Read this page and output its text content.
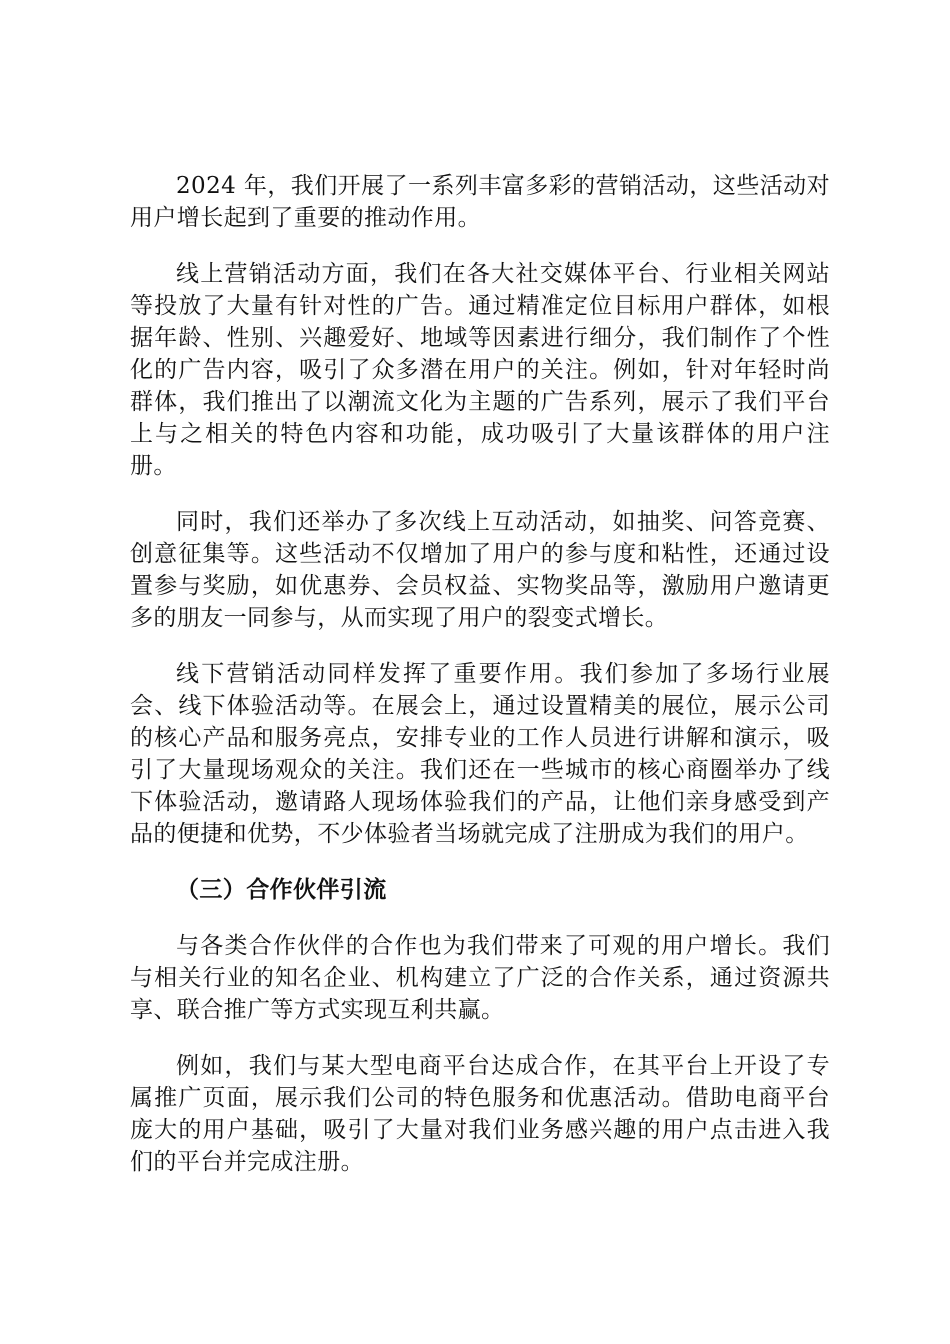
2024 年，我们开展了一系列丰富多彩的营销活动，这些活动对用户增长起到了重要的推动作用。

线上营销活动方面，我们在各大社交媒体平台、行业相关网站等投放了大量有针对性的广告。通过精准定位目标用户群体，如根据年龄、性别、兴趣爱好、地域等因素进行细分，我们制作了个性化的广告内容，吸引了众多潜在用户的关注。例如，针对年轻时尚群体，我们推出了以潮流文化为主题的广告系列，展示了我们平台上与之相关的特色内容和功能，成功吸引了大量该群体的用户注册。

同时，我们还举办了多次线上互动活动，如抽奖、问答竞赛、创意征集等。这些活动不仅增加了用户的参与度和粘性，还通过设置参与奖励，如优惠券、会员权益、实物奖品等，激励用户邀请更多的朋友一同参与，从而实现了用户的裂变式增长。

线下营销活动同样发挥了重要作用。我们参加了多场行业展会、线下体验活动等。在展会上，通过设置精美的展位，展示公司的核心产品和服务亮点，安排专业的工作人员进行讲解和演示，吸引了大量现场观众的关注。我们还在一些城市的核心商圈举办了线下体验活动，邀请路人现场体验我们的产品，让他们亲身感受到产品的便捷和优势，不少体验者当场就完成了注册成为我们的用户。

（三）合作伙伴引流

与各类合作伙伴的合作也为我们带来了可观的用户增长。我们与相关行业的知名企业、机构建立了广泛的合作关系，通过资源共享、联合推广等方式实现互利共赢。

例如，我们与某大型电商平台达成合作，在其平台上开设了专属推广页面，展示我们公司的特色服务和优惠活动。借助电商平台庞大的用户基础，吸引了大量对我们业务感兴趣的用户点击进入我们的平台并完成注册。
